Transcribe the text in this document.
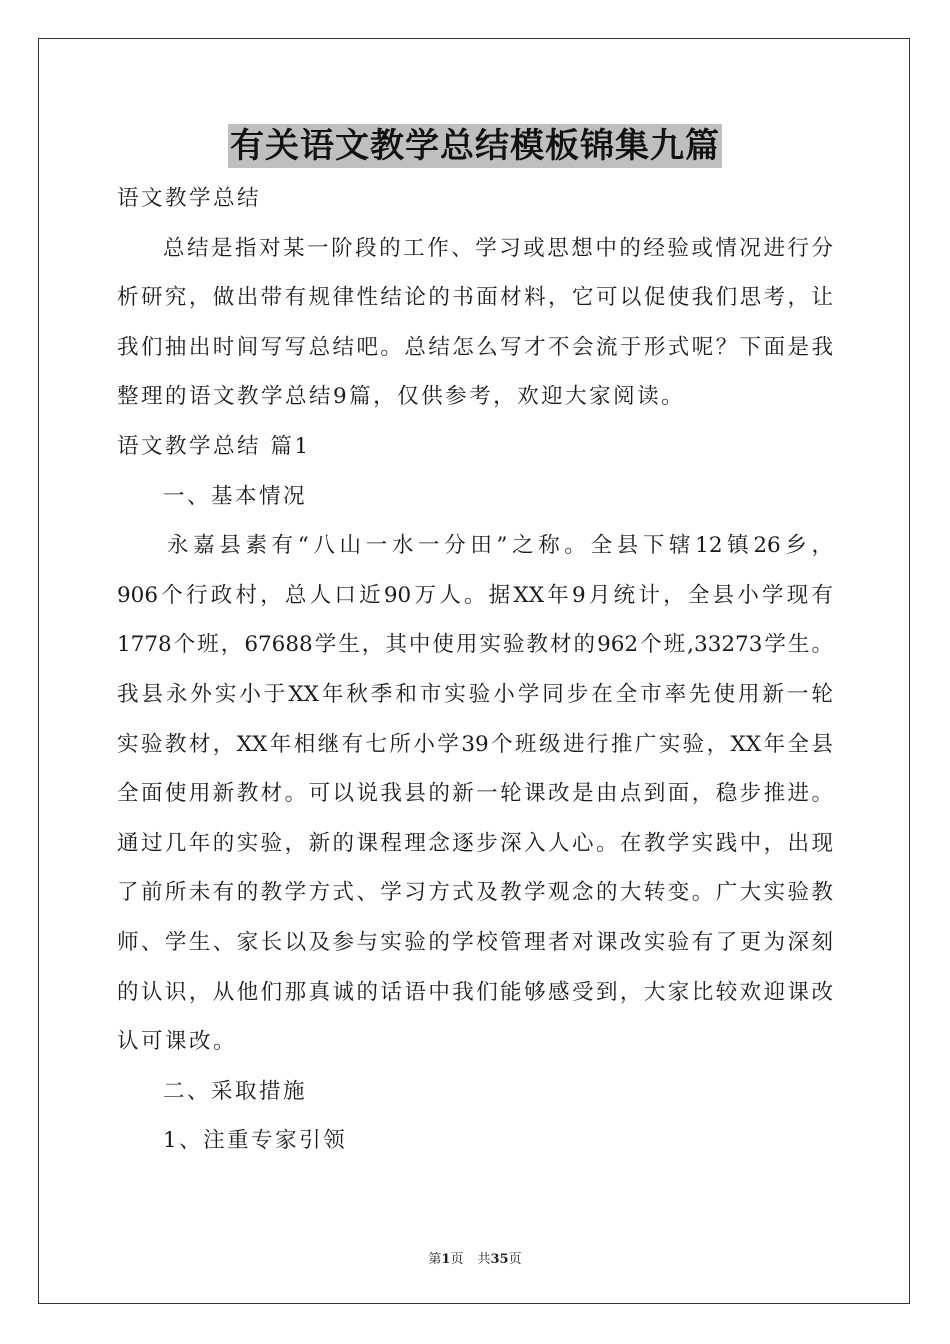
有关语文教学总结模板锦集九篇
语文教学总结
总结是指对某一阶段的工作、学习或思想中的经验或情况进行分
析研究，做出带有规律性结论的书面材料，它可以促使我们思考，让
我们抽出时间写写总结吧。总结怎么写才不会流于形式呢？下面是我
整理的语文教学总结9篇，仅供参考，欢迎大家阅读。
语文教学总结 篇1
一、基本情况
永嘉县素有“八山一水一分田”之称。全县下辖12镇26乡，
906个行政村，总人口近90万人。据XX年9月统计，全县小学现有
1778个班，67688学生，其中使用实验教材的962个班,33273学生。
我县永外实小于XX年秋季和市实验小学同步在全市率先使用新一轮
实验教材，XX年相继有七所小学39个班级进行推广实验，XX年全县
全面使用新教材。可以说我县的新一轮课改是由点到面，稳步推进。
通过几年的实验，新的课程理念逐步深入人心。在教学实践中，出现
了前所未有的教学方式、学习方式及教学观念的大转变。广大实验教
师、学生、家长以及参与实验的学校管理者对课改实验有了更为深刻
的认识，从他们那真诚的话语中我们能够感受到，大家比较欢迎课改
认可课改。
二、采取措施
1、注重专家引领
第1页 共35页
